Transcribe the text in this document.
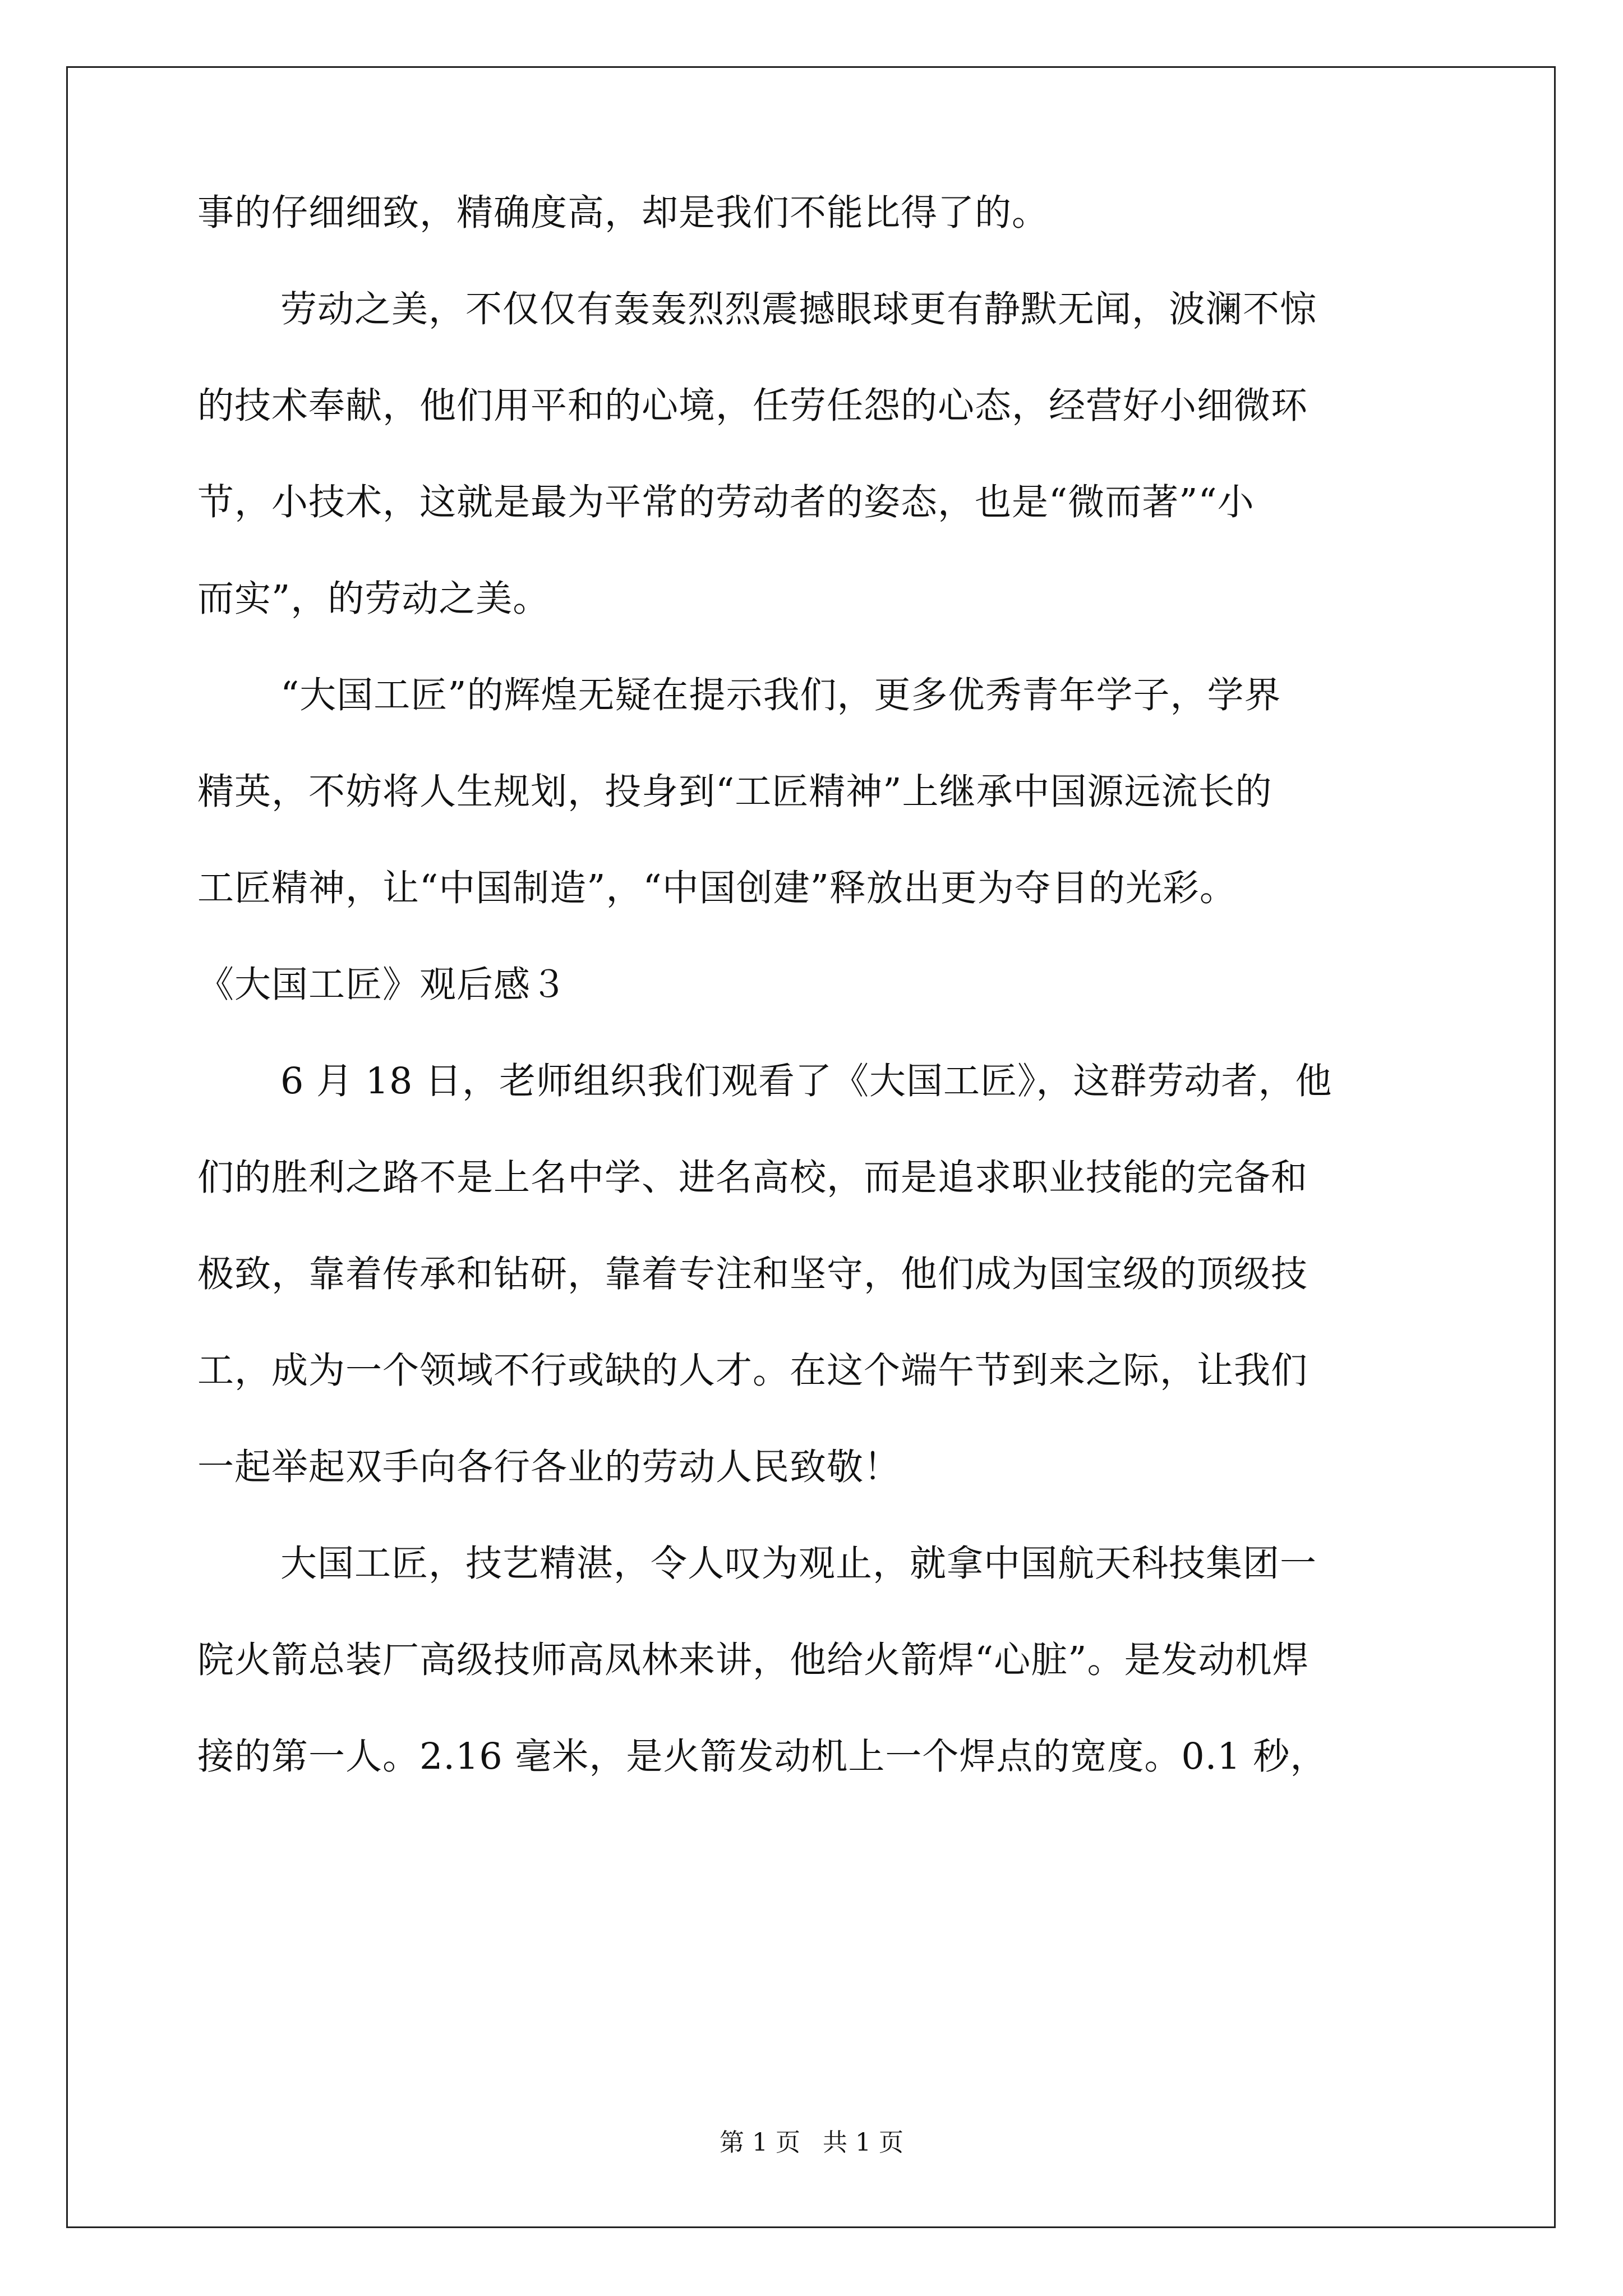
事的仔细细致，精确度高，却是我们不能比得了的。
劳动之美，不仅仅有轰轰烈烈震撼眼球更有静默无闻，波澜不惊
的技术奉献，他们用平和的心境，任劳任怨的心态，经营好小细微环
节，小技术，这就是最为平常的劳动者的姿态，也是“微而著”“小
而实”，的劳动之美。
“大国工匠”的辉煌无疑在提示我们，更多优秀青年学子，学界
精英，不妨将人生规划，投身到“工匠精神”上继承中国源远流长的
工匠精神，让“中国制造”，“中国创建”释放出更为夺目的光彩。
《大国工匠》观后感３
6 月 18 日，老师组织我们观看了《大国工匠》，这群劳动者，他
们的胜利之路不是上名中学、进名高校，而是追求职业技能的完备和
极致，靠着传承和钻研，靠着专注和坚守，他们成为国宝级的顶级技
工，成为一个领域不行或缺的人才。在这个端午节到来之际，让我们
一起举起双手向各行各业的劳动人民致敬！
大国工匠，技艺精湛，令人叹为观止，就拿中国航天科技集团一
院火箭总装厂高级技师高凤林来讲，他给火箭焊“心脏”。是发动机焊
接的第一人。2.16 毫米，是火箭发动机上一个焊点的宽度。0.1 秒，
第 1 页 共 1 页
